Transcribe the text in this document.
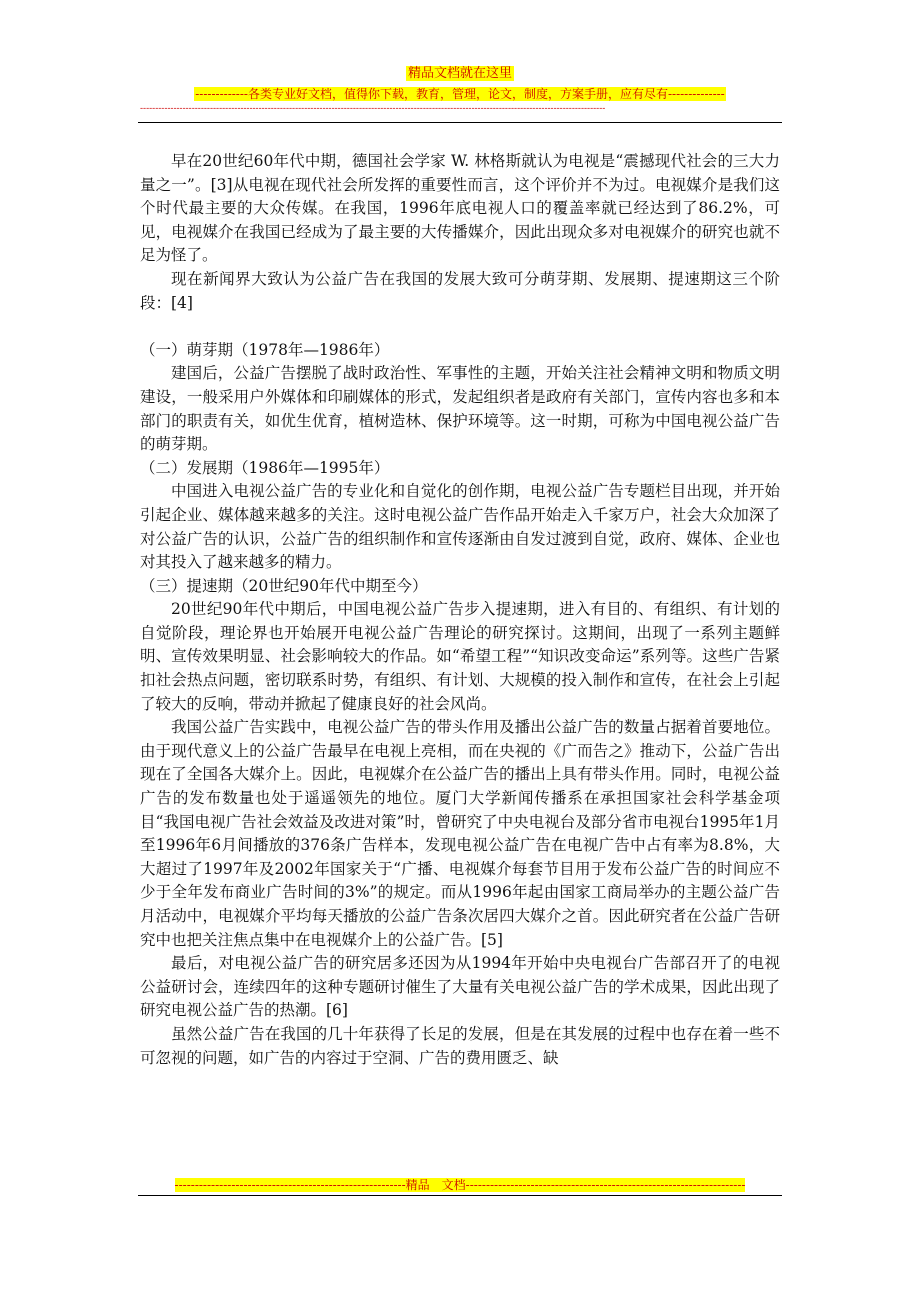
精品文档就在这里
-------------各类专业好文档，值得你下载，教育，管理，论文，制度，方案手册，应有尽有--------------
---------------------------------------------------------------------------------------------------------------------------------------------------------

早在20世纪60年代中期，德国社会学家 W. 林格斯就认为电视是“震撼现代社会的三大力量之一”。[3]从电视在现代社会所发挥的重要性而言，这个评价并不为过。电视媒介是我们这个时代最主要的大众传媒。在我国，1996年底电视人口的覆盖率就已经达到了86.2%，可见，电视媒介在我国已经成为了最主要的大传播媒介，因此出现众多对电视媒介的研究也就不足为怪了。

现在新闻界大致认为公益广告在我国的发展大致可分萌芽期、发展期、提速期这三个阶段：[4]

（一）萌芽期（1978年—1986年）

建国后，公益广告摆脱了战时政治性、军事性的主题，开始关注社会精神文明和物质文明建设，一般采用户外媒体和印刷媒体的形式，发起组织者是政府有关部门，宣传内容也多和本部门的职责有关，如优生优育，植树造林、保护环境等。这一时期，可称为中国电视公益广告的萌芽期。

（二）发展期（1986年—1995年）

中国进入电视公益广告的专业化和自觉化的创作期，电视公益广告专题栏目出现，并开始引起企业、媒体越来越多的关注。这时电视公益广告作品开始走入千家万户，社会大众加深了对公益广告的认识，公益广告的组织制作和宣传逐渐由自发过渡到自觉，政府、媒体、企业也对其投入了越来越多的精力。

（三）提速期（20世纪90年代中期至今）

20世纪90年代中期后，中国电视公益广告步入提速期，进入有目的、有组织、有计划的自觉阶段，理论界也开始展开电视公益广告理论的研究探讨。这期间，出现了一系列主题鲜明、宣传效果明显、社会影响较大的作品。如“希望工程”“知识改变命运”系列等。这些广告紧扣社会热点问题，密切联系时势，有组织、有计划、大规模的投入制作和宣传，在社会上引起了较大的反响，带动并掀起了健康良好的社会风尚。

我国公益广告实践中，电视公益广告的带头作用及播出公益广告的数量占据着首要地位。由于现代意义上的公益广告最早在电视上亮相，而在央视的《广而告之》推动下，公益广告出现在了全国各大媒介上。因此，电视媒介在公益广告的播出上具有带头作用。同时，电视公益广告的发布数量也处于遥遥领先的地位。厦门大学新闻传播系在承担国家社会科学基金项目“我国电视广告社会效益及改进对策”时，曾研究了中央电视台及部分省市电视台1995年1月至1996年6月间播放的376条广告样本，发现电视公益广告在电视广告中占有率为8.8%，大大超过了1997年及2002年国家关于“广播、电视媒介每套节目用于发布公益广告的时间应不少于全年发布商业广告时间的3%”的规定。而从1996年起由国家工商局举办的主题公益广告月活动中，电视媒介平均每天播放的公益广告条次居四大媒介之首。因此研究者在公益广告研究中也把关注焦点集中在电视媒介上的公益广告。[5]

最后，对电视公益广告的研究居多还因为从1994年开始中央电视台广告部召开了的电视公益研讨会，连续四年的这种专题研讨催生了大量有关电视公益广告的学术成果，因此出现了研究电视公益广告的热潮。[6]

虽然公益广告在我国的几十年获得了长足的发展，但是在其发展的过程中也存在着一些不可忽视的问题，如广告的内容过于空洞、广告的费用匮乏、缺

---------------------------------------------------------精品　文档---------------------------------------------------------------------
